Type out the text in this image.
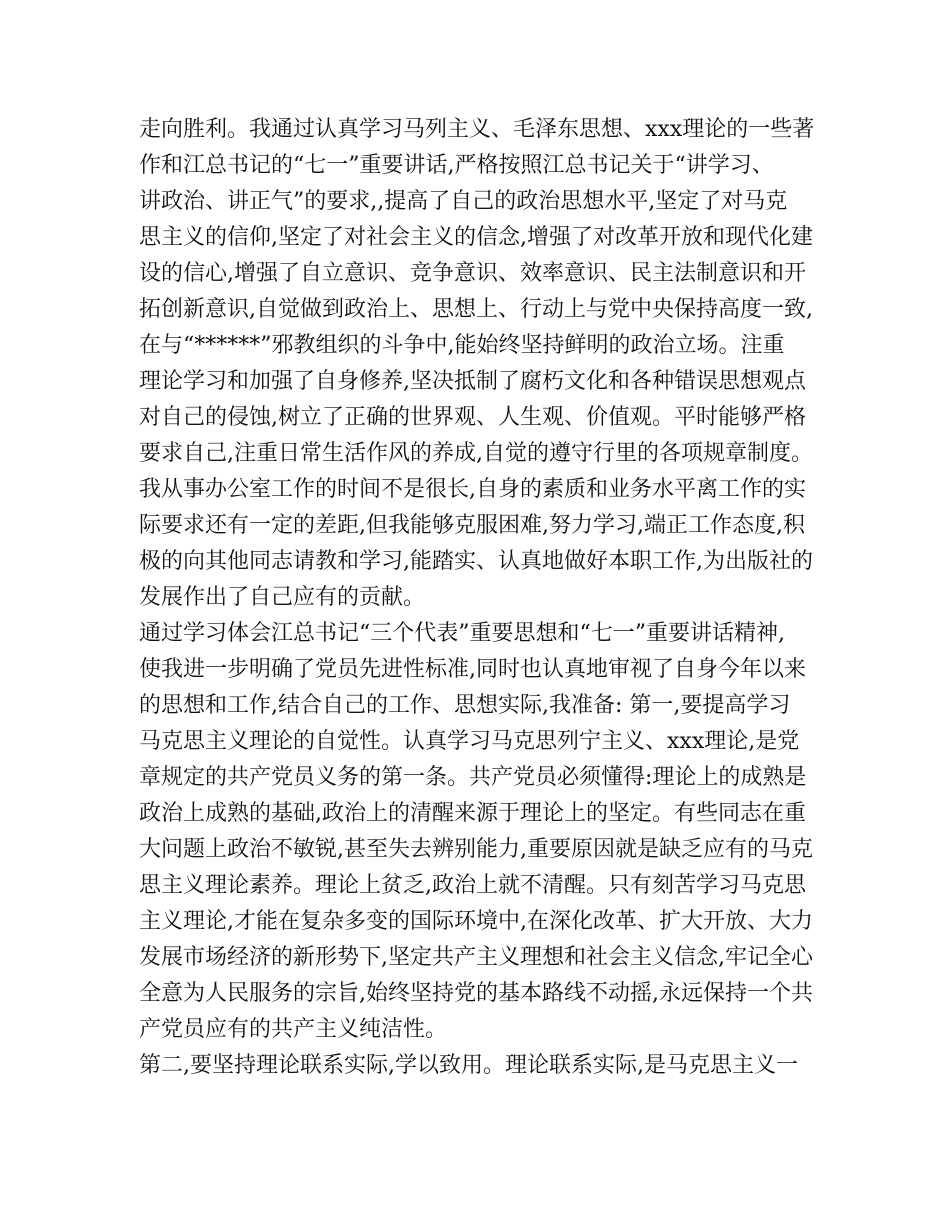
走向胜利。我通过认真学习马列主义、毛泽东思想、xxx理论的一些著
作和江总书记的“七一”重要讲话,严格按照江总书记关于“讲学习、
讲政治、讲正气”的要求,,提高了自己的政治思想水平,坚定了对马克
思主义的信仰,坚定了对社会主义的信念,增强了对改革开放和现代化建
设的信心,增强了自立意识、竞争意识、效率意识、民主法制意识和开
拓创新意识,自觉做到政治上、思想上、行动上与党中央保持高度一致,
在与“******”邪教组织的斗争中,能始终坚持鲜明的政治立场。注重
理论学习和加强了自身修养,坚决抵制了腐朽文化和各种错误思想观点
对自己的侵蚀,树立了正确的世界观、人生观、价值观。平时能够严格
要求自己,注重日常生活作风的养成,自觉的遵守行里的各项规章制度。
我从事办公室工作的时间不是很长,自身的素质和业务水平离工作的实
际要求还有一定的差距,但我能够克服困难,努力学习,端正工作态度,积
极的向其他同志请教和学习,能踏实、认真地做好本职工作,为出版社的
发展作出了自己应有的贡献。
通过学习体会江总书记“三个代表”重要思想和“七一”重要讲话精神,
使我进一步明确了党员先进性标准,同时也认真地审视了自身今年以来
的思想和工作,结合自己的工作、思想实际,我准备: 第一,要提高学习
马克思主义理论的自觉性。认真学习马克思列宁主义、xxx理论,是党
章规定的共产党员义务的第一条。共产党员必须懂得:理论上的成熟是
政治上成熟的基础,政治上的清醒来源于理论上的坚定。有些同志在重
大问题上政治不敏锐,甚至失去辨别能力,重要原因就是缺乏应有的马克
思主义理论素养。理论上贫乏,政治上就不清醒。只有刻苦学习马克思
主义理论,才能在复杂多变的国际环境中,在深化改革、扩大开放、大力
发展市场经济的新形势下,坚定共产主义理想和社会主义信念,牢记全心
全意为人民服务的宗旨,始终坚持党的基本路线不动摇,永远保持一个共
产党员应有的共产主义纯洁性。
第二,要坚持理论联系实际,学以致用。理论联系实际,是马克思主义一
